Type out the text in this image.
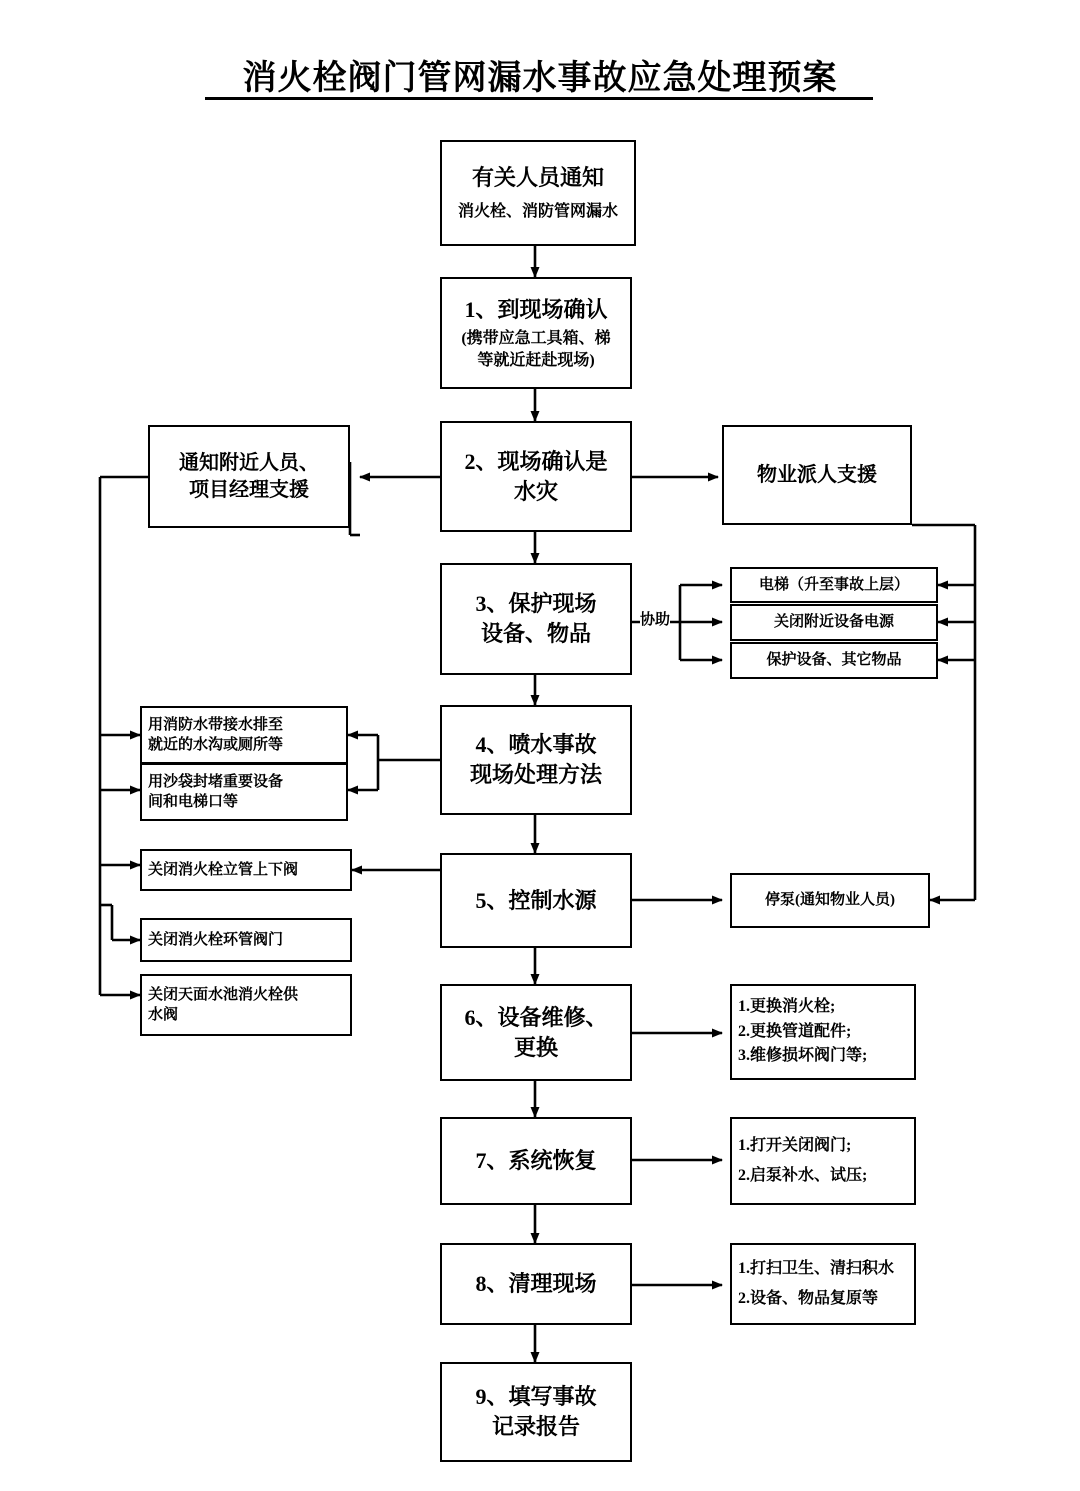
消火栓阀门管网漏水事故应急处理预案
有关人员通知
消火栓、消防管网漏水
1、到现场确认
(携带应急工具箱、梯
等就近赶赴现场)
2、现场确认是
水灾
3、保护现场
设备、物品
4、喷水事故
现场处理方法
5、控制水源
6、设备维修、
更换
7、系统恢复
8、清理现场
9、填写事故
记录报告
通知附近人员、
项目经理支援
用消防水带接水排至
就近的水沟或厕所等
用沙袋封堵重要设备
间和电梯口等
关闭消火栓立管上下阀
关闭消火栓环管阀门
关闭天面水池消火栓供
水阀
物业派人支援
协助
电梯（升至事故上层）
关闭附近设备电源
保护设备、其它物品
停泵(通知物业人员)
1.更换消火栓;
2.更换管道配件;
3.维修损坏阀门等;
1.打开关闭阀门;
2.启泵补水、试压;
1.打扫卫生、清扫积水
2.设备、物品复原等
